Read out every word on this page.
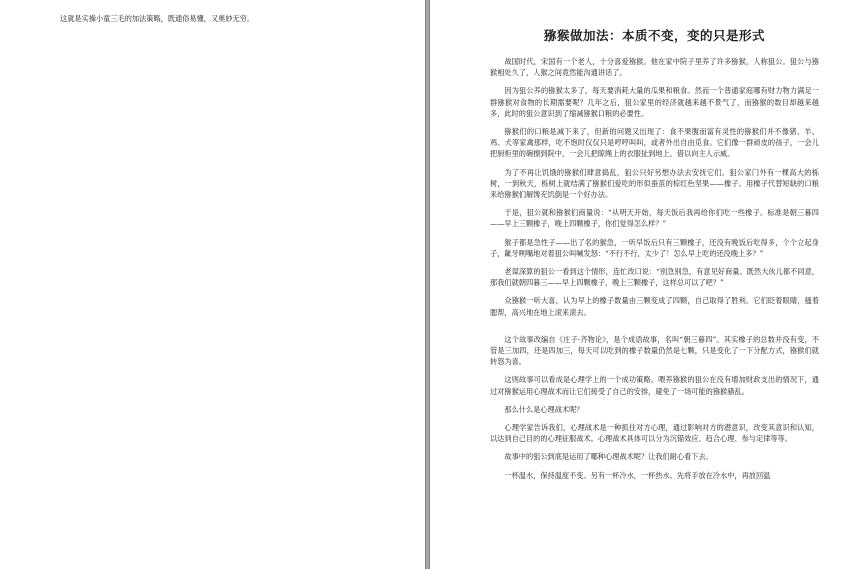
这就是实操小童三毛的加法策略，既通俗易懂，又奥妙无穷。

猕猴做加法：本质不变，变的只是形式

战国时代，宋国有一个老人，十分喜爱猕猴。他在家中院子里养了许多猕猴，人称狙公。狙公与猕猴相处久了，人猴之间竟然能沟通讲话了。

因为狙公养的猕猴太多了，每天要消耗大量的瓜果和粮食。然而一个普通家庭哪有财力物力满足一群猕猴对食物的长期需要呢？几年之后，狙公家里的经济就越来越不景气了，而猕猴的数目却越来越多，此时的狙公意识到了缩减猕猴口粮的必要性。

猕猴们的口粮是减下来了，但新的问题又出现了：食不果腹而富有灵性的猕猴们并不像猪、羊、鸡、犬等家禽那样，吃不饱时仅仅只是哼哼叫叫，或者外出自由觅食。它们像一群顽皮的孩子，一会儿把厨柜里的碗擦到院中，一会儿把晾绳上的衣服扯到地上，借以向主人示威。

为了不再让饥饿的猕猴们肆意捣乱，狙公只好另想办法去安抚它们。狙公家门外有一棵高大的栎树，一到秋天，栎树上就结满了猕猴们爱吃的形似蚕茧的棕红色坚果——橡子。用橡子代替短缺的口粮来给猕猴们解馋充饥倒是一个好办法。

于是，狙公就和猕猴们商量说：“从明天开始，每天饭后我再给你们吃一些橡子。标准是朝三暮四——早上三颗橡子，晚上四颗橡子，你们觉得怎么样？”

猴子都是急性子——出了名的猴急，一听早饭后只有三颗橡子，还没有晚饭后吃得多，个个立起身子，龇牙咧嘴地对着狙公叫喊发怒：“不行不行，太少了！怎么早上吃的还没晚上多？”

老谋深算的狙公一看到这个情形，连忙改口说：“别急别急，有意见好商量。既然大伙儿都不同意，那我们就朝四暮三——早上四颗橡子，晚上三颗橡子，这样总可以了吧？”

众猕猴一听大喜，认为早上的橡子数量由三颗变成了四颗，自己取得了胜利。它们眨着眼睛，搔着腮帮，高兴地在地上滚来滚去。

这个故事改编自《庄子·齐物论》，是个成语故事，名叫“朝三暮四”。其实橡子的总数并没有变，不管是三加四，还是四加三，每天可以吃到的橡子数量仍然是七颗，只是变化了一下分配方式，猕猴们就转怒为喜。

这则故事可以看成是心理学上的一个成功策略。喂养猕猴的狙公在没有增加财政支出的情况下，通过对猕猴运用心理战术而让它们接受了自己的安排，避免了一场可能的猕猴骚乱。

那么什么是心理战术呢？

心理学家告诉我们，心理战术是一种抓住对方心理，通过影响对方的潜意识，改变其意识和认知，以达到自己目的的心理征服战术。心理战术具体可以分为沉锚效应、趋合心理、参与定律等等。

故事中的狙公到底是运用了哪种心理战术呢？让我们耐心看下去。

一杯温水，保持温度不变。另有一杯冷水，一杯热水。先将手放在冷水中，再放回温
